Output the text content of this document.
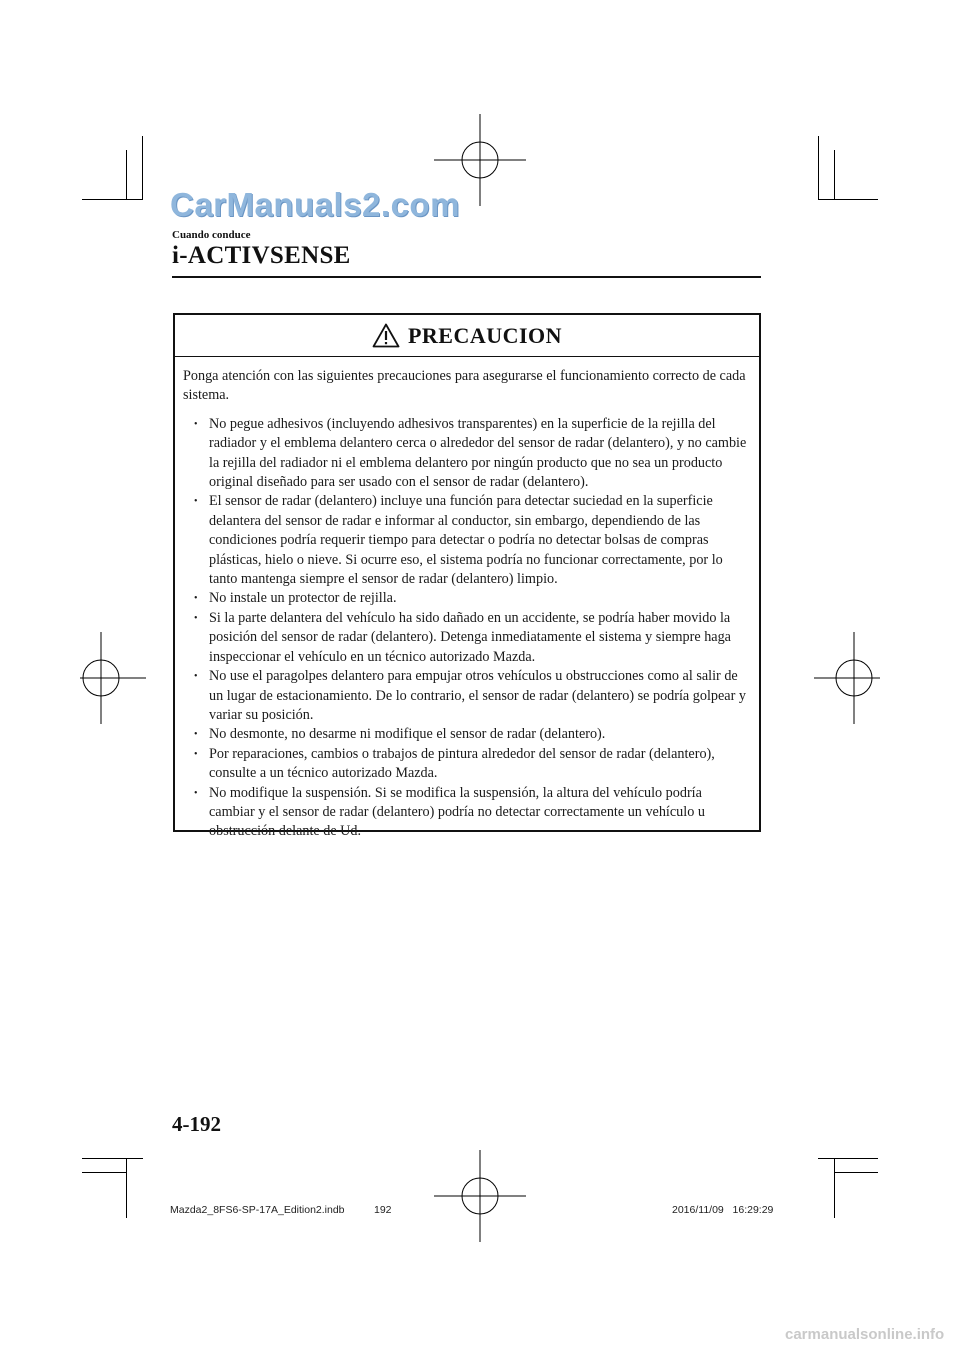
CarManuals2.com
Cuando conduce
i-ACTIVSENSE
PRECAUCION

Ponga atención con las siguientes precauciones para asegurarse el funcionamiento correcto de cada sistema.

• No pegue adhesivos (incluyendo adhesivos transparentes) en la superficie de la rejilla del radiador y el emblema delantero cerca o alrededor del sensor de radar (delantero), y no cambie la rejilla del radiador ni el emblema delantero por ningún producto que no sea un producto original diseñado para ser usado con el sensor de radar (delantero).
• El sensor de radar (delantero) incluye una función para detectar suciedad en la superficie delantera del sensor de radar e informar al conductor, sin embargo, dependiendo de las condiciones podría requerir tiempo para detectar o podría no detectar bolsas de compras plásticas, hielo o nieve. Si ocurre eso, el sistema podría no funcionar correctamente, por lo tanto mantenga siempre el sensor de radar (delantero) limpio.
• No instale un protector de rejilla.
• Si la parte delantera del vehículo ha sido dañado en un accidente, se podría haber movido la posición del sensor de radar (delantero). Detenga inmediatamente el sistema y siempre haga inspeccionar el vehículo en un técnico autorizado Mazda.
• No use el paragolpes delantero para empujar otros vehículos u obstrucciones como al salir de un lugar de estacionamiento. De lo contrario, el sensor de radar (delantero) se podría golpear y variar su posición.
• No desmonte, no desarme ni modifique el sensor de radar (delantero).
• Por reparaciones, cambios o trabajos de pintura alrededor del sensor de radar (delantero), consulte a un técnico autorizado Mazda.
• No modifique la suspensión. Si se modifica la suspensión, la altura del vehículo podría cambiar y el sensor de radar (delantero) podría no detectar correctamente un vehículo u obstrucción delante de Ud.
4-192
Mazda2_8FS6-SP-17A_Edition2.indb	192	2016/11/09   16:29:29
carmanualsonline.info
